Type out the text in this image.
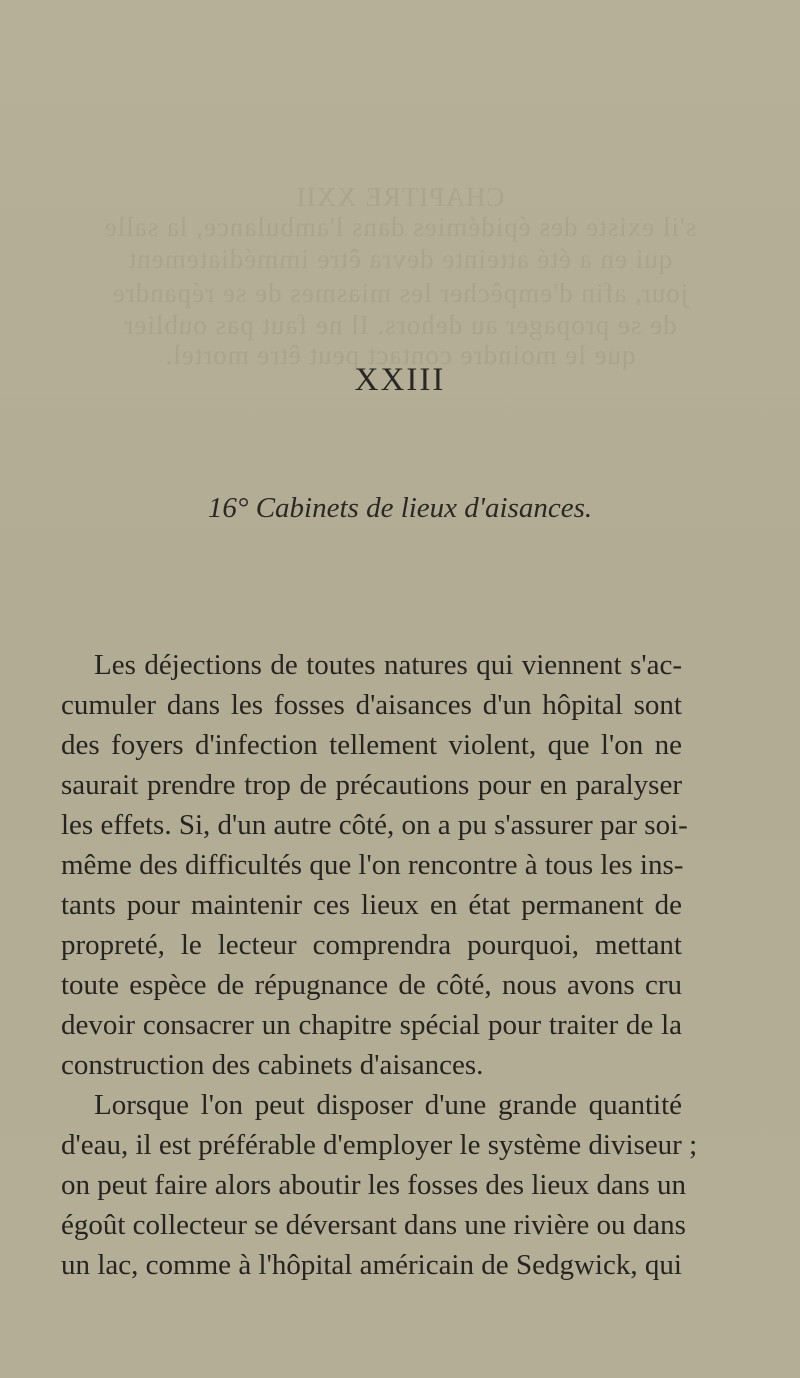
CHAPITRE XXII
s'il existe des épidémies dans l'ambulance, la salle
qui en a été atteinte devra être immédiatement
jour, afin d'empêcher les miasmes de se répandre
de se propager au dehors. Il ne faut pas oublier
que le moindre contact peut être mortel.
XXIII
16° Cabinets de lieux d'aisances.

Les déjections de toutes natures qui viennent s'ac-

cumuler dans les fosses d'aisances d'un hôpital sont

des foyers d'infection tellement violent, que l'on ne

saurait prendre trop de précautions pour en paralyser

les effets. Si, d'un autre côté, on a pu s'assurer par soi-

même des difficultés que l'on rencontre à tous les ins-

tants pour maintenir ces lieux en état permanent de

propreté, le lecteur comprendra pourquoi, mettant

toute espèce de répugnance de côté, nous avons cru

devoir consacrer un chapitre spécial pour traiter de la

construction des cabinets d'aisances.

Lorsque l'on peut disposer d'une grande quantité

d'eau, il est préférable d'employer le système diviseur ;

on peut faire alors aboutir les fosses des lieux dans un

égoût collecteur se déversant dans une rivière ou dans

un lac, comme à l'hôpital américain de Sedgwick, qui
